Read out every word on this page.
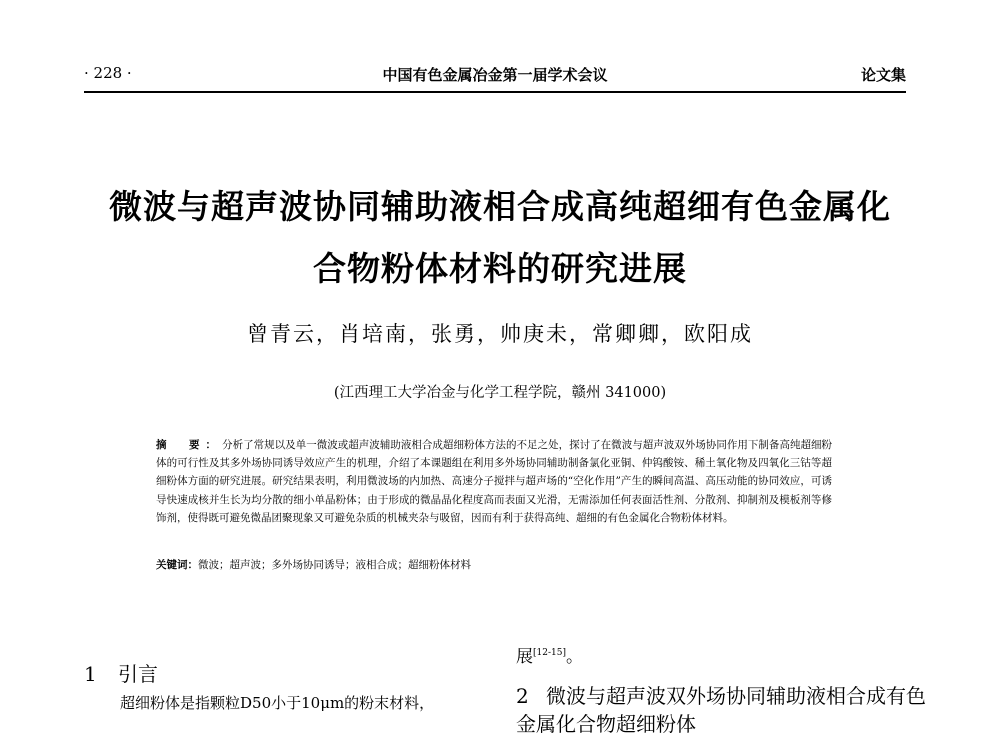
· 228 ·	中国有色金属冶金第一届学术会议	论文集
微波与超声波协同辅助液相合成高纯超细有色金属化
合物粉体材料的研究进展
曾青云，肖培南，张勇，帅庚未，常卿卿，欧阳成
(江西理工大学冶金与化学工程学院，赣州 341000)
摘　要：分析了常规以及单一微波或超声波辅助液相合成超细粉体方法的不足之处，探讨了在微波与超声波双外场协同作用下制备高纯超细粉体的可行性及其多外场协同诱导效应产生的机理，介绍了本课题组在利用多外场协同辅助制备氯化亚铜、仲钨酸铵、稀土氧化物及四氧化三钴等超细粉体方面的研究进展。研究结果表明，利用微波场的内加热、高速分子搅拌与超声场的“空化作用”产生的瞬间高温、高压动能的协同效应，可诱导快速成核并生长为均分散的细小单晶粉体；由于形成的微晶晶化程度高而表面又光滑，无需添加任何表面活性剂、分散剂、抑制剂及模板剂等修饰剂，使得既可避免微晶团聚现象又可避免杂质的机械夹杂与吸留，因而有利于获得高纯、超细的有色金属化合物粉体材料。
关键词：微波；超声波；多外场协同诱导；液相合成；超细粉体材料
展[12-15]。
1 引言
超细粉体是指颗粒D50小于10μm的粉末材料，	2 微波与超声波双外场协同辅助液相合成有色金属化合物超细粉体
